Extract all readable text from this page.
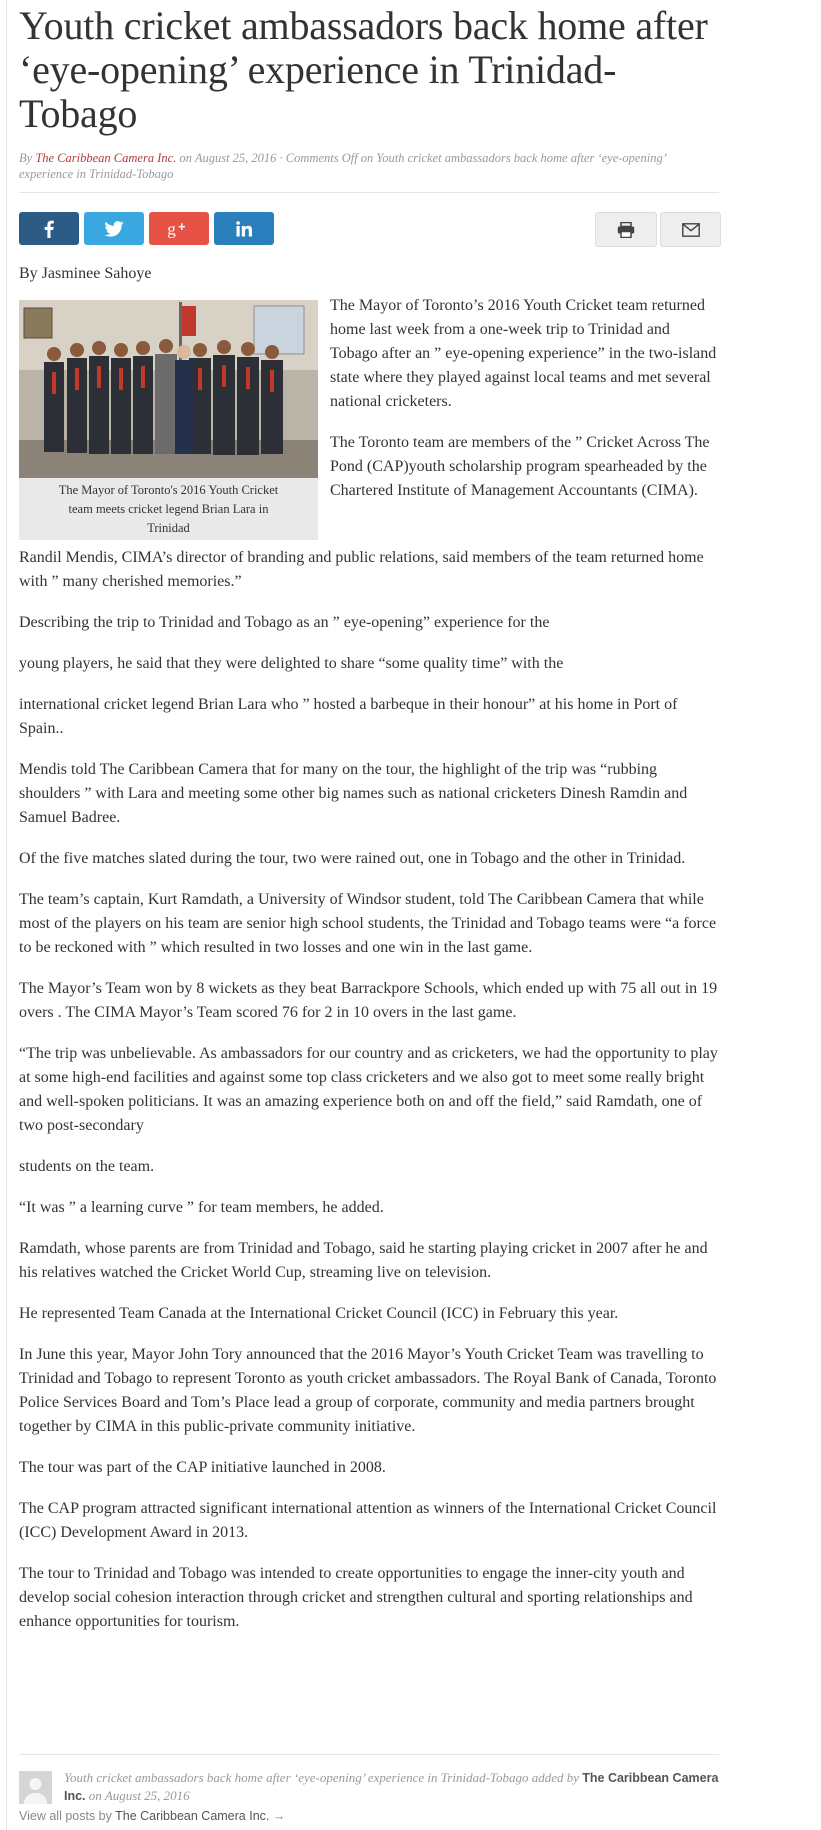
Youth cricket ambassadors back home after ‘eye-opening’ experience in Trinidad-Tobago
By The Caribbean Camera Inc. on August 25, 2016 · Comments Off on Youth cricket ambassadors back home after ‘eye-opening’ experience in Trinidad-Tobago
g +
By Jasminee Sahoye
The Mayor of Toronto's 2016 Youth Cricket team meets cricket legend Brian Lara in Trinidad

The Mayor of Toronto’s 2016 Youth Cricket team returned home last week from a one-week trip to Trinidad and Tobago after an ” eye-opening experience” in the two-island state where they played against local teams and met several national cricketers.

The Toronto team are members of the ” Cricket Across The Pond (CAP)youth scholarship program spearheaded by the Chartered Institute of Management Accountants (CIMA).

Randil Mendis, CIMA’s director of branding and public relations, said members of the team returned home with ” many cherished memories.”

Describing the trip to Trinidad and Tobago as an ” eye-opening” experience for the

young players, he said that they were delighted to share “some quality time” with the

international cricket legend Brian Lara who ” hosted a barbeque in their honour” at his home in Port of Spain..

Mendis told The Caribbean Camera that for many on the tour, the highlight of the trip was “rubbing shoulders ” with Lara and meeting some other big names such as national cricketers Dinesh Ramdin and Samuel Badree.

Of the five matches slated during the tour, two were rained out, one in Tobago and the other in Trinidad.

The team’s captain, Kurt Ramdath, a University of Windsor student, told The Caribbean Camera that while most of the players on his team are senior high school students, the Trinidad and Tobago teams were “a force to be reckoned with ” which resulted in two losses and one win in the last game.

The Mayor’s Team won by 8 wickets as they beat Barrackpore Schools, which ended up with 75 all out in 19 overs . The CIMA Mayor’s Team scored 76 for 2 in 10 overs in the last game.

“The trip was unbelievable. As ambassadors for our country and as cricketers, we had the opportunity to play at some high-end facilities and against some top class cricketers and we also got to meet some really bright and well-spoken politicians. It was an amazing experience both on and off the field,” said Ramdath, one of two post-secondary

students on the team.

“It was ” a learning curve ” for team members, he added.

Ramdath, whose parents are from Trinidad and Tobago, said he starting playing cricket in 2007 after he and his relatives watched the Cricket World Cup, streaming live on television.

He represented Team Canada at the International Cricket Council (ICC) in February this year.

In June this year, Mayor John Tory announced that the 2016 Mayor’s Youth Cricket Team was travelling to Trinidad and Tobago to represent Toronto as youth cricket ambassadors. The Royal Bank of Canada, Toronto Police Services Board and Tom’s Place lead a group of corporate, community and media partners brought together by CIMA in this public-private community initiative.

The tour was part of the CAP initiative launched in 2008.

The CAP program attracted significant international attention as winners of the International Cricket Council (ICC) Development Award in 2013.

The tour to Trinidad and Tobago was intended to create opportunities to engage the inner-city youth and develop social cohesion interaction through cricket and strengthen cultural and sporting relationships and enhance opportunities for tourism.

Youth cricket ambassadors back home after ‘eye-opening’ experience in Trinidad-Tobago added by The Caribbean Camera Inc. on August 25, 2016
View all posts by The Caribbean Camera Inc. →
